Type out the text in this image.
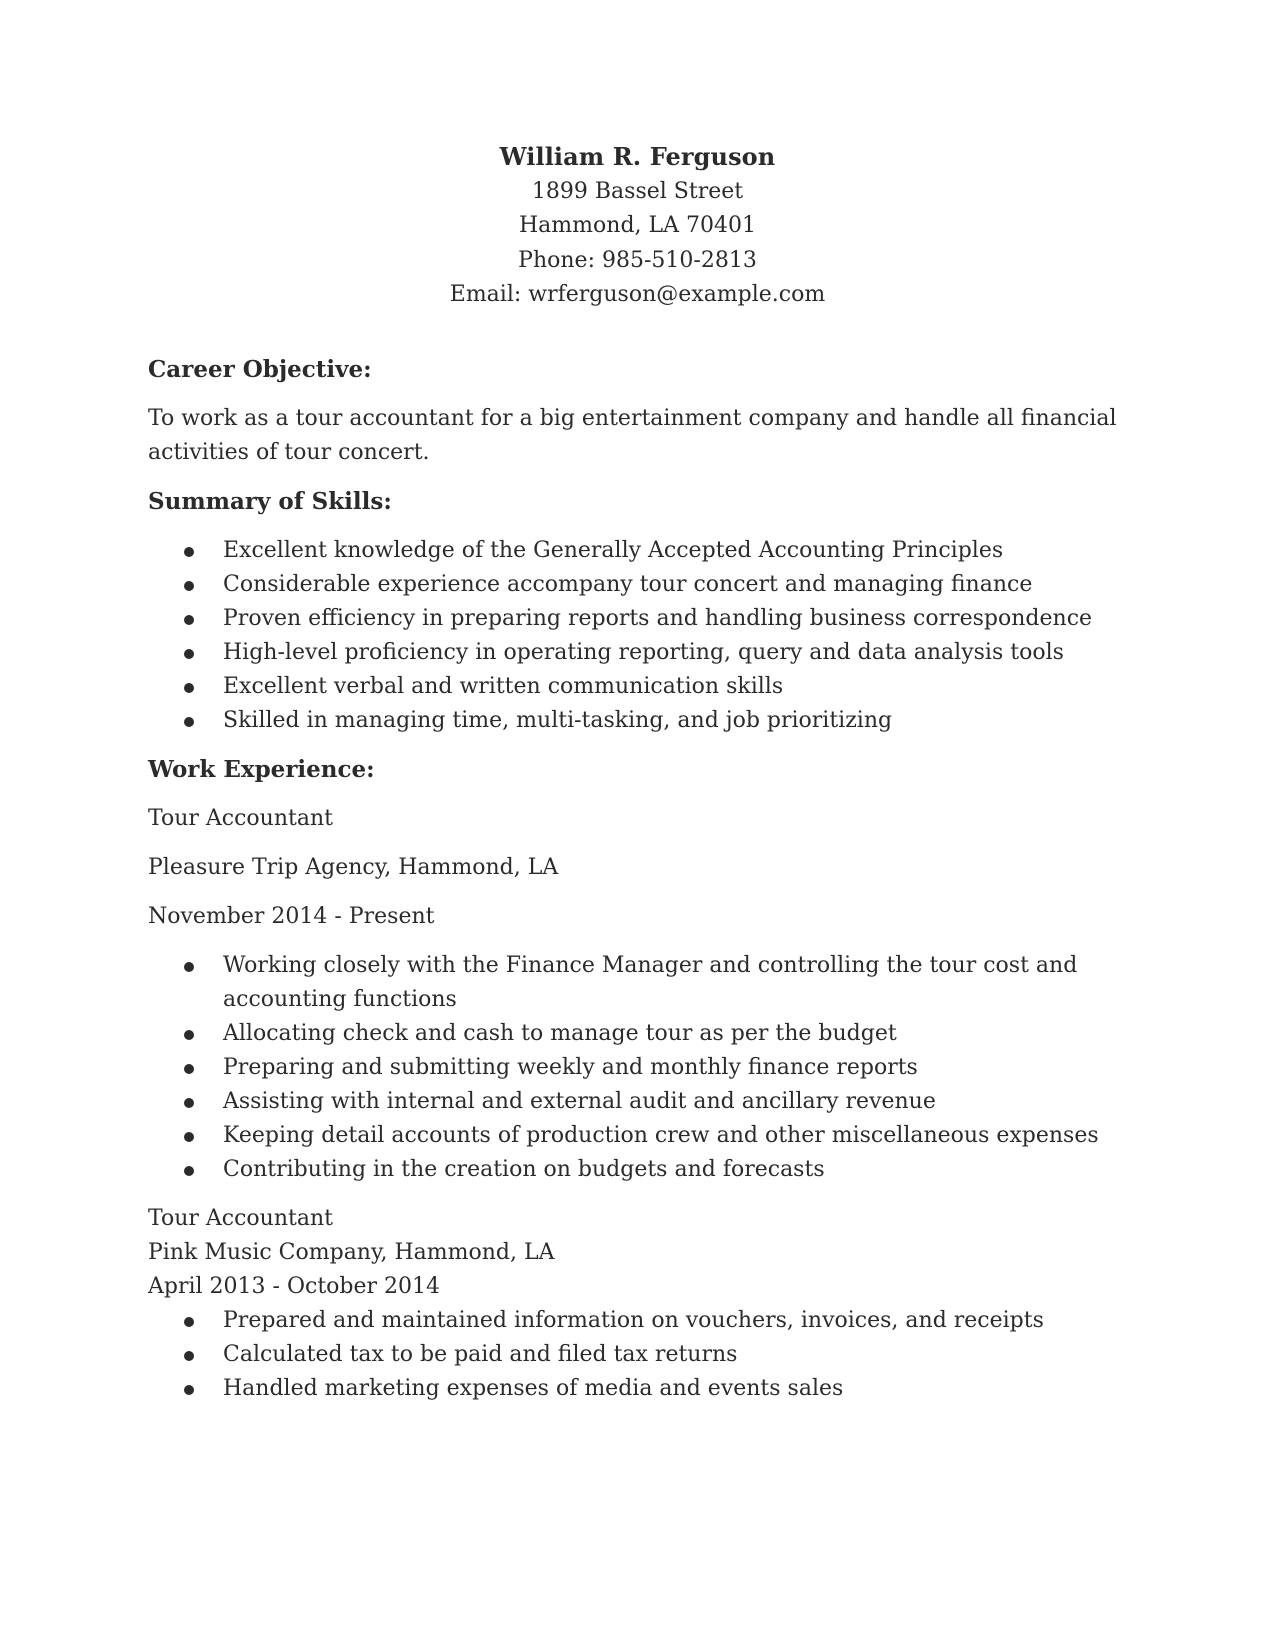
William R. Ferguson
1899 Bassel Street
Hammond, LA 70401
Phone: 985-510-2813
Email: wrferguson@example.com
Career Objective:
To work as a tour accountant for a big entertainment company and handle all financial
activities of tour concert.
Summary of Skills:
Excellent knowledge of the Generally Accepted Accounting Principles
Considerable experience accompany tour concert and managing finance
Proven efficiency in preparing reports and handling business correspondence
High-level proficiency in operating reporting, query and data analysis tools
Excellent verbal and written communication skills
Skilled in managing time, multi-tasking, and job prioritizing
Work Experience:
Tour Accountant
Pleasure Trip Agency, Hammond, LA
November 2014 - Present
Working closely with the Finance Manager and controlling the tour cost and
accounting functions
Allocating check and cash to manage tour as per the budget
Preparing and submitting weekly and monthly finance reports
Assisting with internal and external audit and ancillary revenue
Keeping detail accounts of production crew and other miscellaneous expenses
Contributing in the creation on budgets and forecasts
Tour Accountant
Pink Music Company, Hammond, LA
April 2013 - October 2014
Prepared and maintained information on vouchers, invoices, and receipts
Calculated tax to be paid and filed tax returns
Handled marketing expenses of media and events sales
